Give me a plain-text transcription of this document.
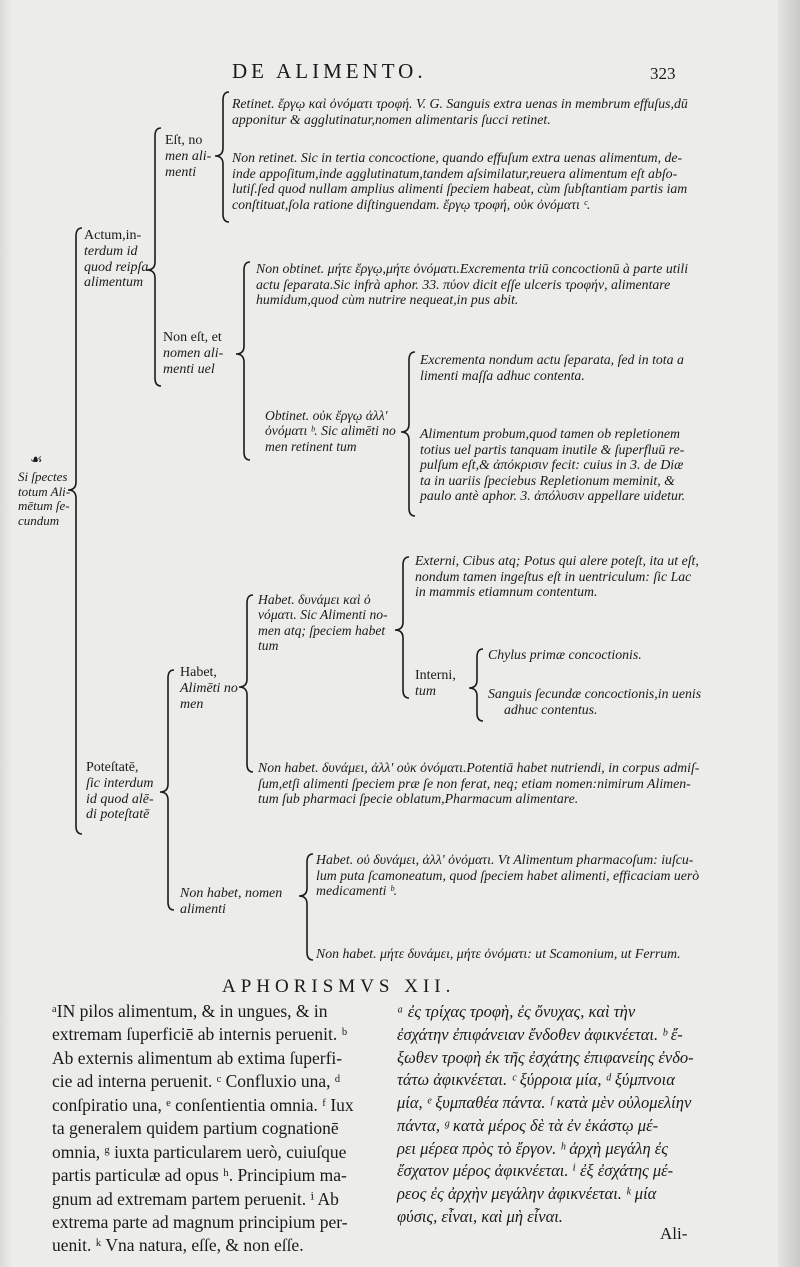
DE ALIMENTO.	323
☙
Si ſpectes
totum Ali-
mētum ſe-
cundum
Actum,in-
terdum id
quod reipſa
alimentum
Eſt, no
men ali-
menti
Retinet. ἔργῳ καὶ ὀνόματι τροφή. V. G. Sanguis extra uenas in membrum effuſus,dū
apponitur & agglutinatur,nomen alimentaris ſucci retinet.
Non retinet. Sic in tertia concoctione, quando effuſum extra uenas alimentum, de-
inde appoſitum,inde agglutinatum,tandem aſsimilatur,reuera alimentum eſt abſo-
lutiſ.ſed quod nullam amplius alimenti ſpeciem habeat, cùm ſubſtantiam partis iam
conſtituat,ſola ratione diſtinguendam. ἔργῳ τροφή, οὐκ ὀνόματι ᶜ.
Non eſt, et
nomen ali-
menti uel
Non obtinet. μήτε ἔργῳ,μήτε ὀνόματι.Excrementa triū concoctionū à parte utili
actu ſeparata.Sic infrà aphor. 33. πύον dicit eſſe ulceris τροφήν, alimentare
humidum,quod cùm nutrire nequeat,in pus abit.
Obtinet. οὐκ ἔργῳ ἀλλ'
ὀνόματι ᵇ. Sic alimēti no
men retinent tum
Excrementa nondum actu ſeparata, ſed in tota a
limenti maſſa adhuc contenta.
Alimentum probum,quod tamen ob repletionem
totius uel partis tanquam inutile & ſuperfluū re-
pulſum eſt,& ἀπόκρισιν fecit: cuius in 3. de Diæ
ta in uariis ſpeciebus Repletionum meminit, &
paulo antè aphor. 3. ἀπόλυσιν appellare uidetur.
Poteſtatē,
ſic interdum
id quod alē-
di poteſtatē
Habet,
Alimēti no
men
Habet. δυνάμει καὶ ὀ
νόματι. Sic Alimenti no-
men atq; ſpeciem habet
tum
Externi, Cibus atq; Potus qui alere poteſt, ita ut eſt,
nondum tamen ingeſtus eſt in uentriculum: ſic Lac
in mammis etiamnum contentum.
Interni,
tum
Chylus primæ concoctionis.
Sanguis ſecundæ concoctionis,in uenis
adhuc contentus.
Non habet. δυνάμει, ἀλλ' οὐκ ὀνόματι.Potentiā habet nutriendi, in corpus admiſ-
ſum,etſi alimenti ſpeciem præ ſe non ferat, neq; etiam nomen:nimirum Alimen-
tum ſub pharmaci ſpecie oblatum,Pharmacum alimentare.
Non habet, nomen
alimenti
Habet. οὐ δυνάμει, ἀλλ' ὀνόματι. Vt Alimentum pharmacoſum: iuſcu-
lum puta ſcamoneatum, quod ſpeciem habet alimenti, efficaciam uerò
medicamenti ᵇ.
Non habet. μήτε δυνάμει, μήτε ὀνόματι: ut Scamonium, ut Ferrum.
APHORISMVS XII.
ᵃIN pilos alimentum, & in ungues, & in
extremam ſuperficiē ab internis peruenit. ᵇ
Ab externis alimentum ab extima ſuperfi-
cie ad interna peruenit. ᶜ Confluxio una, ᵈ
conſpiratio una, ᵉ conſentientia omnia. ᶠ Iux
ta generalem quidem partium cognationē
omnia, ᵍ iuxta particularem uerò, cuiuſque
partis particulæ ad opus ʰ. Principium ma-
gnum ad extremam partem peruenit. ⁱ Ab
extrema parte ad magnum principium per-
uenit. ᵏ Vna natura, eſſe, & non eſſe.
ᵃ ἐς τρίχας τροφὴ, ἐς ὄνυχας, καὶ τὴν
ἐσχάτην ἐπιφάνειαν ἔνδοθεν ἀφικνέεται. ᵇ ἔ-
ξωθεν τροφὴ ἐκ τῆς ἐσχάτης ἐπιφανείης ἐνδο-
τάτω ἀφικνέεται. ᶜ ξύρροια μία, ᵈ ξύμπνοια
μία, ᵉ ξυμπαθέα πάντα. ᶠ κατὰ μὲν οὐλομελίην
πάντα, ᵍ κατὰ μέρος δὲ τὰ ἐν ἑκάστῳ μέ-
ρει μέρεα πρὸς τὸ ἔργον. ʰ ἀρχὴ μεγάλη ἐς
ἔσχατον μέρος ἀφικνέεται. ⁱ ἐξ ἐσχάτης μέ-
ρεος ἐς ἀρχὴν μεγάλην ἀφικνέεται. ᵏ μία
φύσις, εἶναι, καὶ μὴ εἶναι.
Ali-
